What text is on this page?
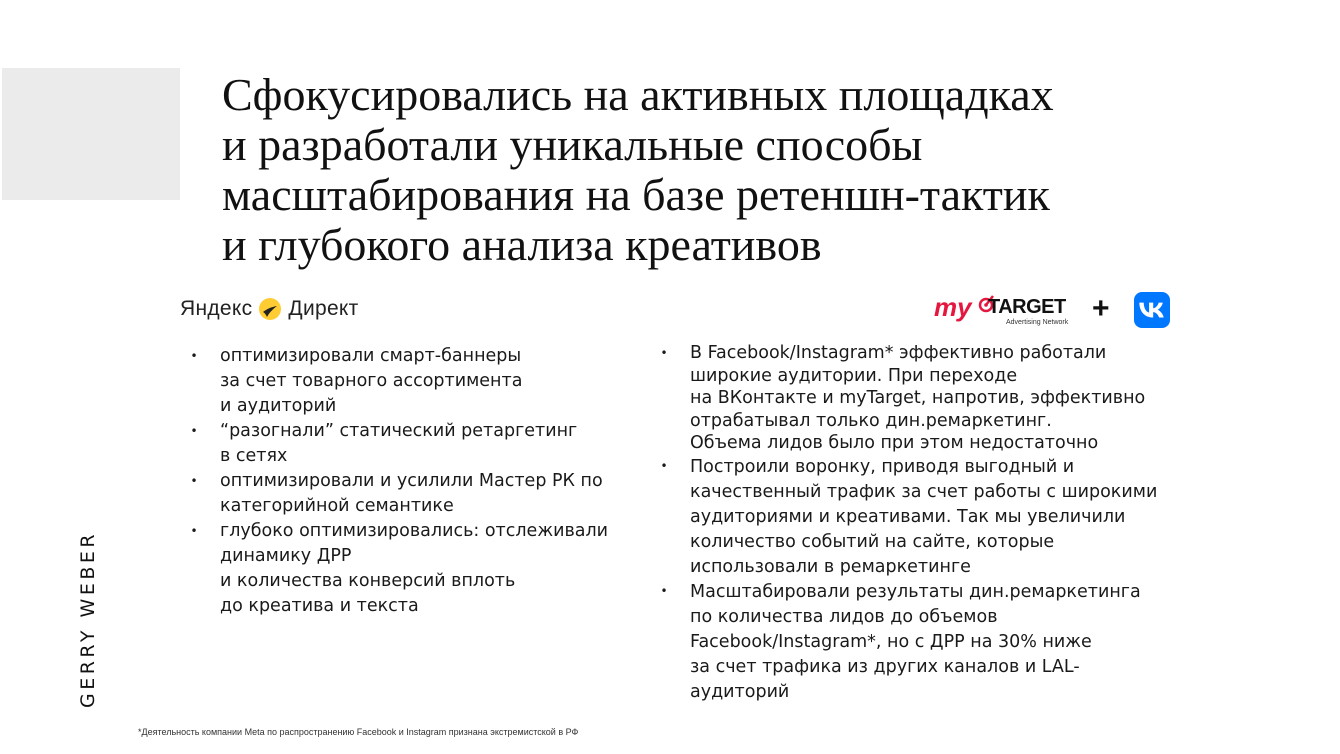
Сфокусировались на активных площадках
и разработали уникальные способы
масштабирования на базе ретеншн-тактик
и глубокого анализа креативов
Яндекс Директ	my TARGET
Advertising Network +
• оптимизировали смарт-баннеры
за счет товарного ассортимента
и аудиторий
• “разогнали” статический ретаргетинг
в сетях
• оптимизировали и усилили Мастер РК по
категорийной семантике
• глубоко оптимизировались: отслеживали
динамику ДРР
и количества конверсий вплоть
до креатива и текста
• В Facebook/Instagram* эффективно работали
широкие аудитории. При переходе
на ВКонтакте и myTarget, напротив, эффективно
отрабатывал только дин.ремаркетинг.
Объема лидов было при этом недостаточно
• Построили воронку, приводя выгодный и
качественный трафик за счет работы с широкими
аудиториями и креативами. Так мы увеличили
количество событий на сайте, которые
использовали в ремаркетинге
• Масштабировали результаты дин.ремаркетинга
по количества лидов до объемов
Facebook/Instagram*, но с ДРР на 30% ниже
за счет трафика из других каналов и LAL-
аудиторий
GERRY WEBER
*Деятельность компании Meta по распространению Facebook и Instagram признана экстремистской в РФ
